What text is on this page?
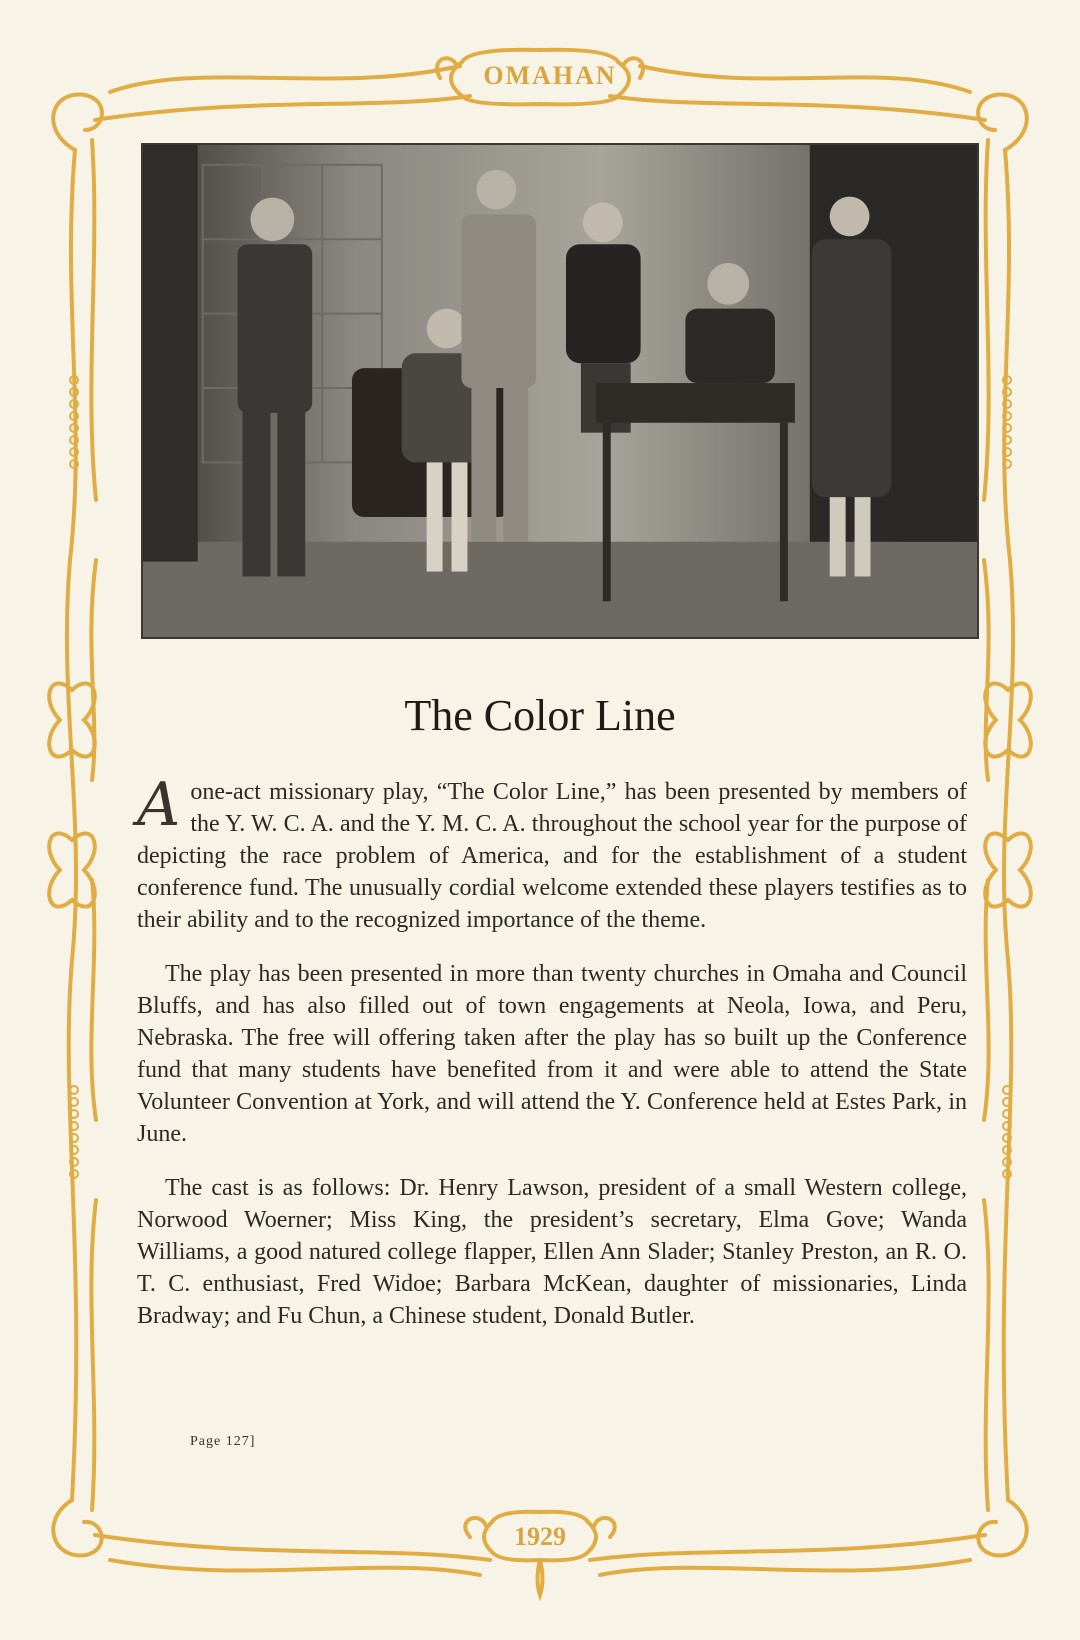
OMAHAN
The Color Line

Aone-act missionary play, “The Color Line,” has been presented by members of the Y. W. C. A. and the Y. M. C. A. throughout the school year for the purpose of depicting the race problem of America, and for the establishment of a student conference fund. The unusually cordial welcome extended these players testifies as to their ability and to the recognized importance of the theme.

The play has been presented in more than twenty churches in Omaha and Council Bluffs, and has also filled out of town engagements at Neola, Iowa, and Peru, Nebraska. The free will offering taken after the play has so built up the Conference fund that many students have benefited from it and were able to attend the State Volunteer Convention at York, and will attend the Y. Conference held at Estes Park, in June.

The cast is as follows: Dr. Henry Lawson, president of a small Western college, Norwood Woerner; Miss King, the president’s secretary, Elma Gove; Wanda Williams, a good natured college flapper, Ellen Ann Slader; Stanley Preston, an R. O. T. C. enthusiast, Fred Widoe; Barbara McKean, daughter of missionaries, Linda Bradway; and Fu Chun, a Chinese student, Donald Butler.

Page 127]
1929
